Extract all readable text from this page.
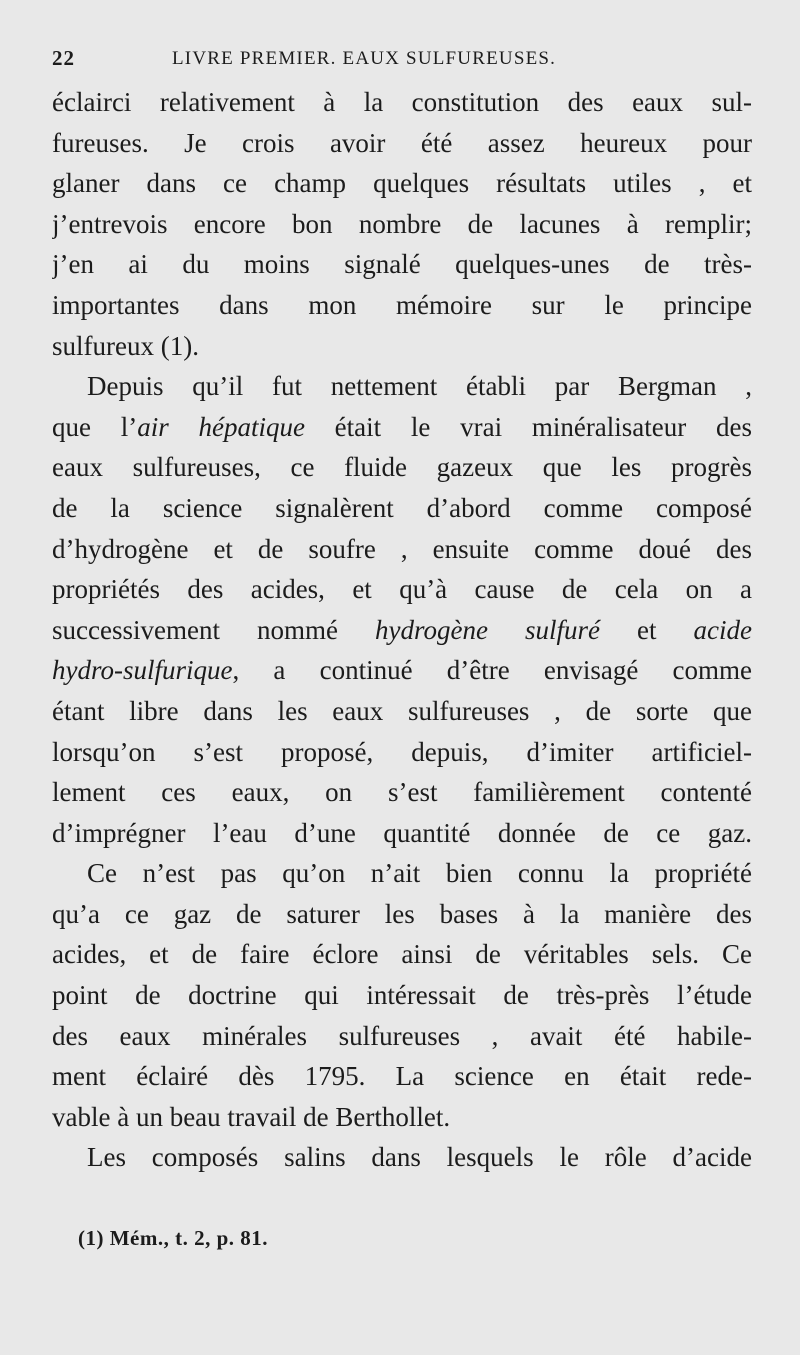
22	LIVRE PREMIER. EAUX SULFUREUSES.
éclairci relativement à la constitution des eaux sul-
fureuses. Je crois avoir été assez heureux pour
glaner dans ce champ quelques résultats utiles , et
j’entrevois encore bon nombre de lacunes à remplir;
j’en ai du moins signalé quelques-unes de très-
importantes dans mon mémoire sur le principe
sulfureux (1).
Depuis qu’il fut nettement établi par Bergman ,
que l’air hépatique était le vrai minéralisateur des
eaux sulfureuses, ce fluide gazeux que les progrès
de la science signalèrent d’abord comme composé
d’hydrogène et de soufre , ensuite comme doué des
propriétés des acides, et qu’à cause de cela on a
successivement nommé hydrogène sulfuré et acide
hydro-sulfurique, a continué d’être envisagé comme
étant libre dans les eaux sulfureuses , de sorte que
lorsqu’on s’est proposé, depuis, d’imiter artificiel-
lement ces eaux, on s’est familièrement contenté
d’imprégner l’eau d’une quantité donnée de ce gaz.
Ce n’est pas qu’on n’ait bien connu la propriété
qu’a ce gaz de saturer les bases à la manière des
acides, et de faire éclore ainsi de véritables sels. Ce
point de doctrine qui intéressait de très-près l’étude
des eaux minérales sulfureuses , avait été habile-
ment éclairé dès 1795. La science en était rede-
vable à un beau travail de Berthollet.
Les composés salins dans lesquels le rôle d’acide
(1) Mém., t. 2, p. 81.
